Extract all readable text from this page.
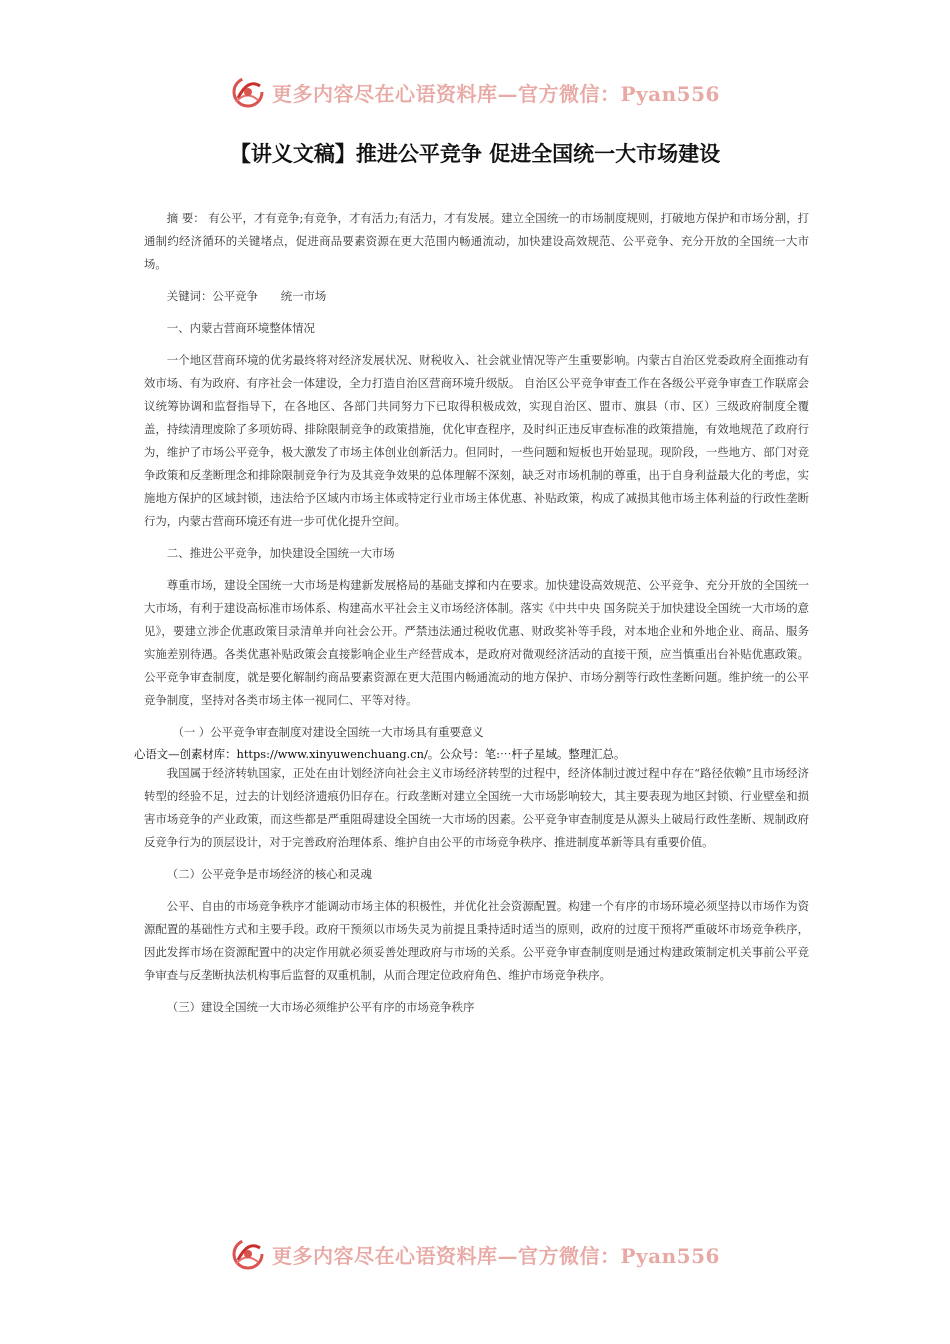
更多内容尽在心语资料库—官方微信：Pyan556
【讲义文稿】推进公平竞争 促进全国统一大市场建设

摘 要： 有公平，才有竞争;有竞争，才有活力;有活力，才有发展。建立全国统一的市场制度规则，打破地方保护和市场分割，打通制约经济循环的关键堵点，促进商品要素资源在更大范围内畅通流动，加快建设高效规范、公平竞争、充分开放的全国统一大市场。

关键词：公平竞争　　统一市场

一、内蒙古营商环境整体情况

一个地区营商环境的优劣最终将对经济发展状况、财税收入、社会就业情况等产生重要影响。内蒙古自治区党委政府全面推动有效市场、有为政府、有序社会一体建设，全力打造自治区营商环境升级版。 自治区公平竞争审查工作在各级公平竞争审查工作联席会议统筹协调和监督指导下，在各地区、各部门共同努力下已取得积极成效，实现自治区、盟市、旗县（市、区）三级政府制度全覆盖，持续清理废除了多项妨碍、排除限制竞争的政策措施，优化审查程序，及时纠正违反审查标准的政策措施，有效地规范了政府行为，维护了市场公平竞争，极大激发了市场主体创业创新活力。但同时，一些问题和短板也开始显现。现阶段，一些地方、部门对竞争政策和反垄断理念和排除限制竞争行为及其竞争效果的总体理解不深刻，缺乏对市场机制的尊重，出于自身利益最大化的考虑，实施地方保护的区域封锁，违法给予区域内市场主体或特定行业市场主体优惠、补贴政策，构成了减损其他市场主体利益的行政性垄断行为，内蒙古营商环境还有进一步可优化提升空间。

二、推进公平竞争，加快建设全国统一大市场

尊重市场，建设全国统一大市场是构建新发展格局的基础支撑和内在要求。加快建设高效规范、公平竞争、充分开放的全国统一大市场，有利于建设高标准市场体系、构建高水平社会主义市场经济体制。落实《中共中央 国务院关于加快建设全国统一大市场的意见》，要建立涉企优惠政策目录清单并向社会公开。严禁违法通过税收优惠、财政奖补等手段，对本地企业和外地企业、商品、服务实施差别待遇。各类优惠补贴政策会直接影响企业生产经营成本，是政府对微观经济活动的直接干预，应当慎重出台补贴优惠政策。公平竞争审查制度，就是要化解制约商品要素资源在更大范围内畅通流动的地方保护、市场分割等行政性垄断问题。维护统一的公平竞争制度，坚持对各类市场主体一视同仁、平等对待。

（一 ）公平竞争审查制度对建设全国统一大市场具有重要意义

心语文—创素材库：https://www.xinyuwenchuang.cn/。公众号：笔:⋯杆子星域。整理汇总。

我国属于经济转轨国家，正处在由计划经济向社会主义市场经济转型的过程中，经济体制过渡过程中存在“路径依赖”且市场经济转型的经验不足，过去的计划经济遗痕仍旧存在。行政垄断对建立全国统一大市场影响较大，其主要表现为地区封锁、行业壁垒和损害市场竞争的产业政策，而这些都是严重阻碍建设全国统一大市场的因素。公平竞争审查制度是从源头上破局行政性垄断、规制政府反竞争行为的顶层设计，对于完善政府治理体系、维护自由公平的市场竞争秩序、推进制度革新等具有重要价值。

（二）公平竞争是市场经济的核心和灵魂

公平、自由的市场竞争秩序才能调动市场主体的积极性，并优化社会资源配置。构建一个有序的市场环境必须坚持以市场作为资源配置的基础性方式和主要手段。政府干预须以市场失灵为前提且秉持适时适当的原则，政府的过度干预将严重破坏市场竞争秩序，因此发挥市场在资源配置中的决定作用就必须妥善处理政府与市场的关系。公平竞争审查制度则是通过构建政策制定机关事前公平竞争审查与反垄断执法机构事后监督的双重机制，从而合理定位政府角色、维护市场竞争秩序。

（三）建设全国统一大市场必须维护公平有序的市场竞争秩序

更多内容尽在心语资料库—官方微信：Pyan556
